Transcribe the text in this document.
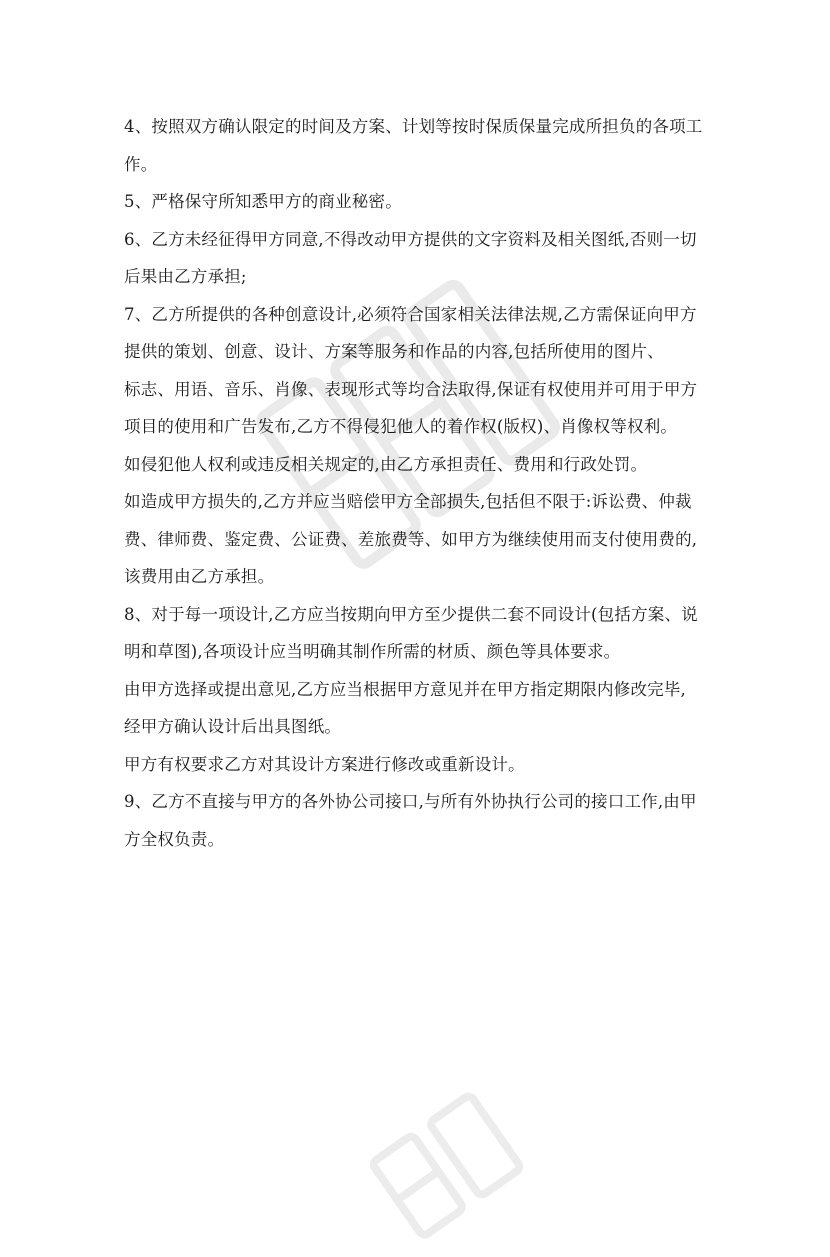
4、按照双方确认限定的时间及方案、计划等按时保质保量完成所担负的各项工
作。
5、严格保守所知悉甲方的商业秘密。
6、乙方未经征得甲方同意,不得改动甲方提供的文字资料及相关图纸,否则一切
后果由乙方承担;
7、乙方所提供的各种创意设计,必须符合国家相关法律法规,乙方需保证向甲方
提供的策划、创意、设计、方案等服务和作品的内容,包括所使用的图片、
标志、用语、音乐、肖像、表现形式等均合法取得,保证有权使用并可用于甲方
项目的使用和广告发布,乙方不得侵犯他人的着作权(版权)、肖像权等权利。
如侵犯他人权利或违反相关规定的,由乙方承担责任、费用和行政处罚。
如造成甲方损失的,乙方并应当赔偿甲方全部损失,包括但不限于:诉讼费、仲裁
费、律师费、鉴定费、公证费、差旅费等、如甲方为继续使用而支付使用费的,
该费用由乙方承担。
8、对于每一项设计,乙方应当按期向甲方至少提供二套不同设计(包括方案、说
明和草图),各项设计应当明确其制作所需的材质、颜色等具体要求。
由甲方选择或提出意见,乙方应当根据甲方意见并在甲方指定期限内修改完毕,
经甲方确认设计后出具图纸。
甲方有权要求乙方对其设计方案进行修改或重新设计。
9、乙方不直接与甲方的各外协公司接口,与所有外协执行公司的接口工作,由甲
方全权负责。
